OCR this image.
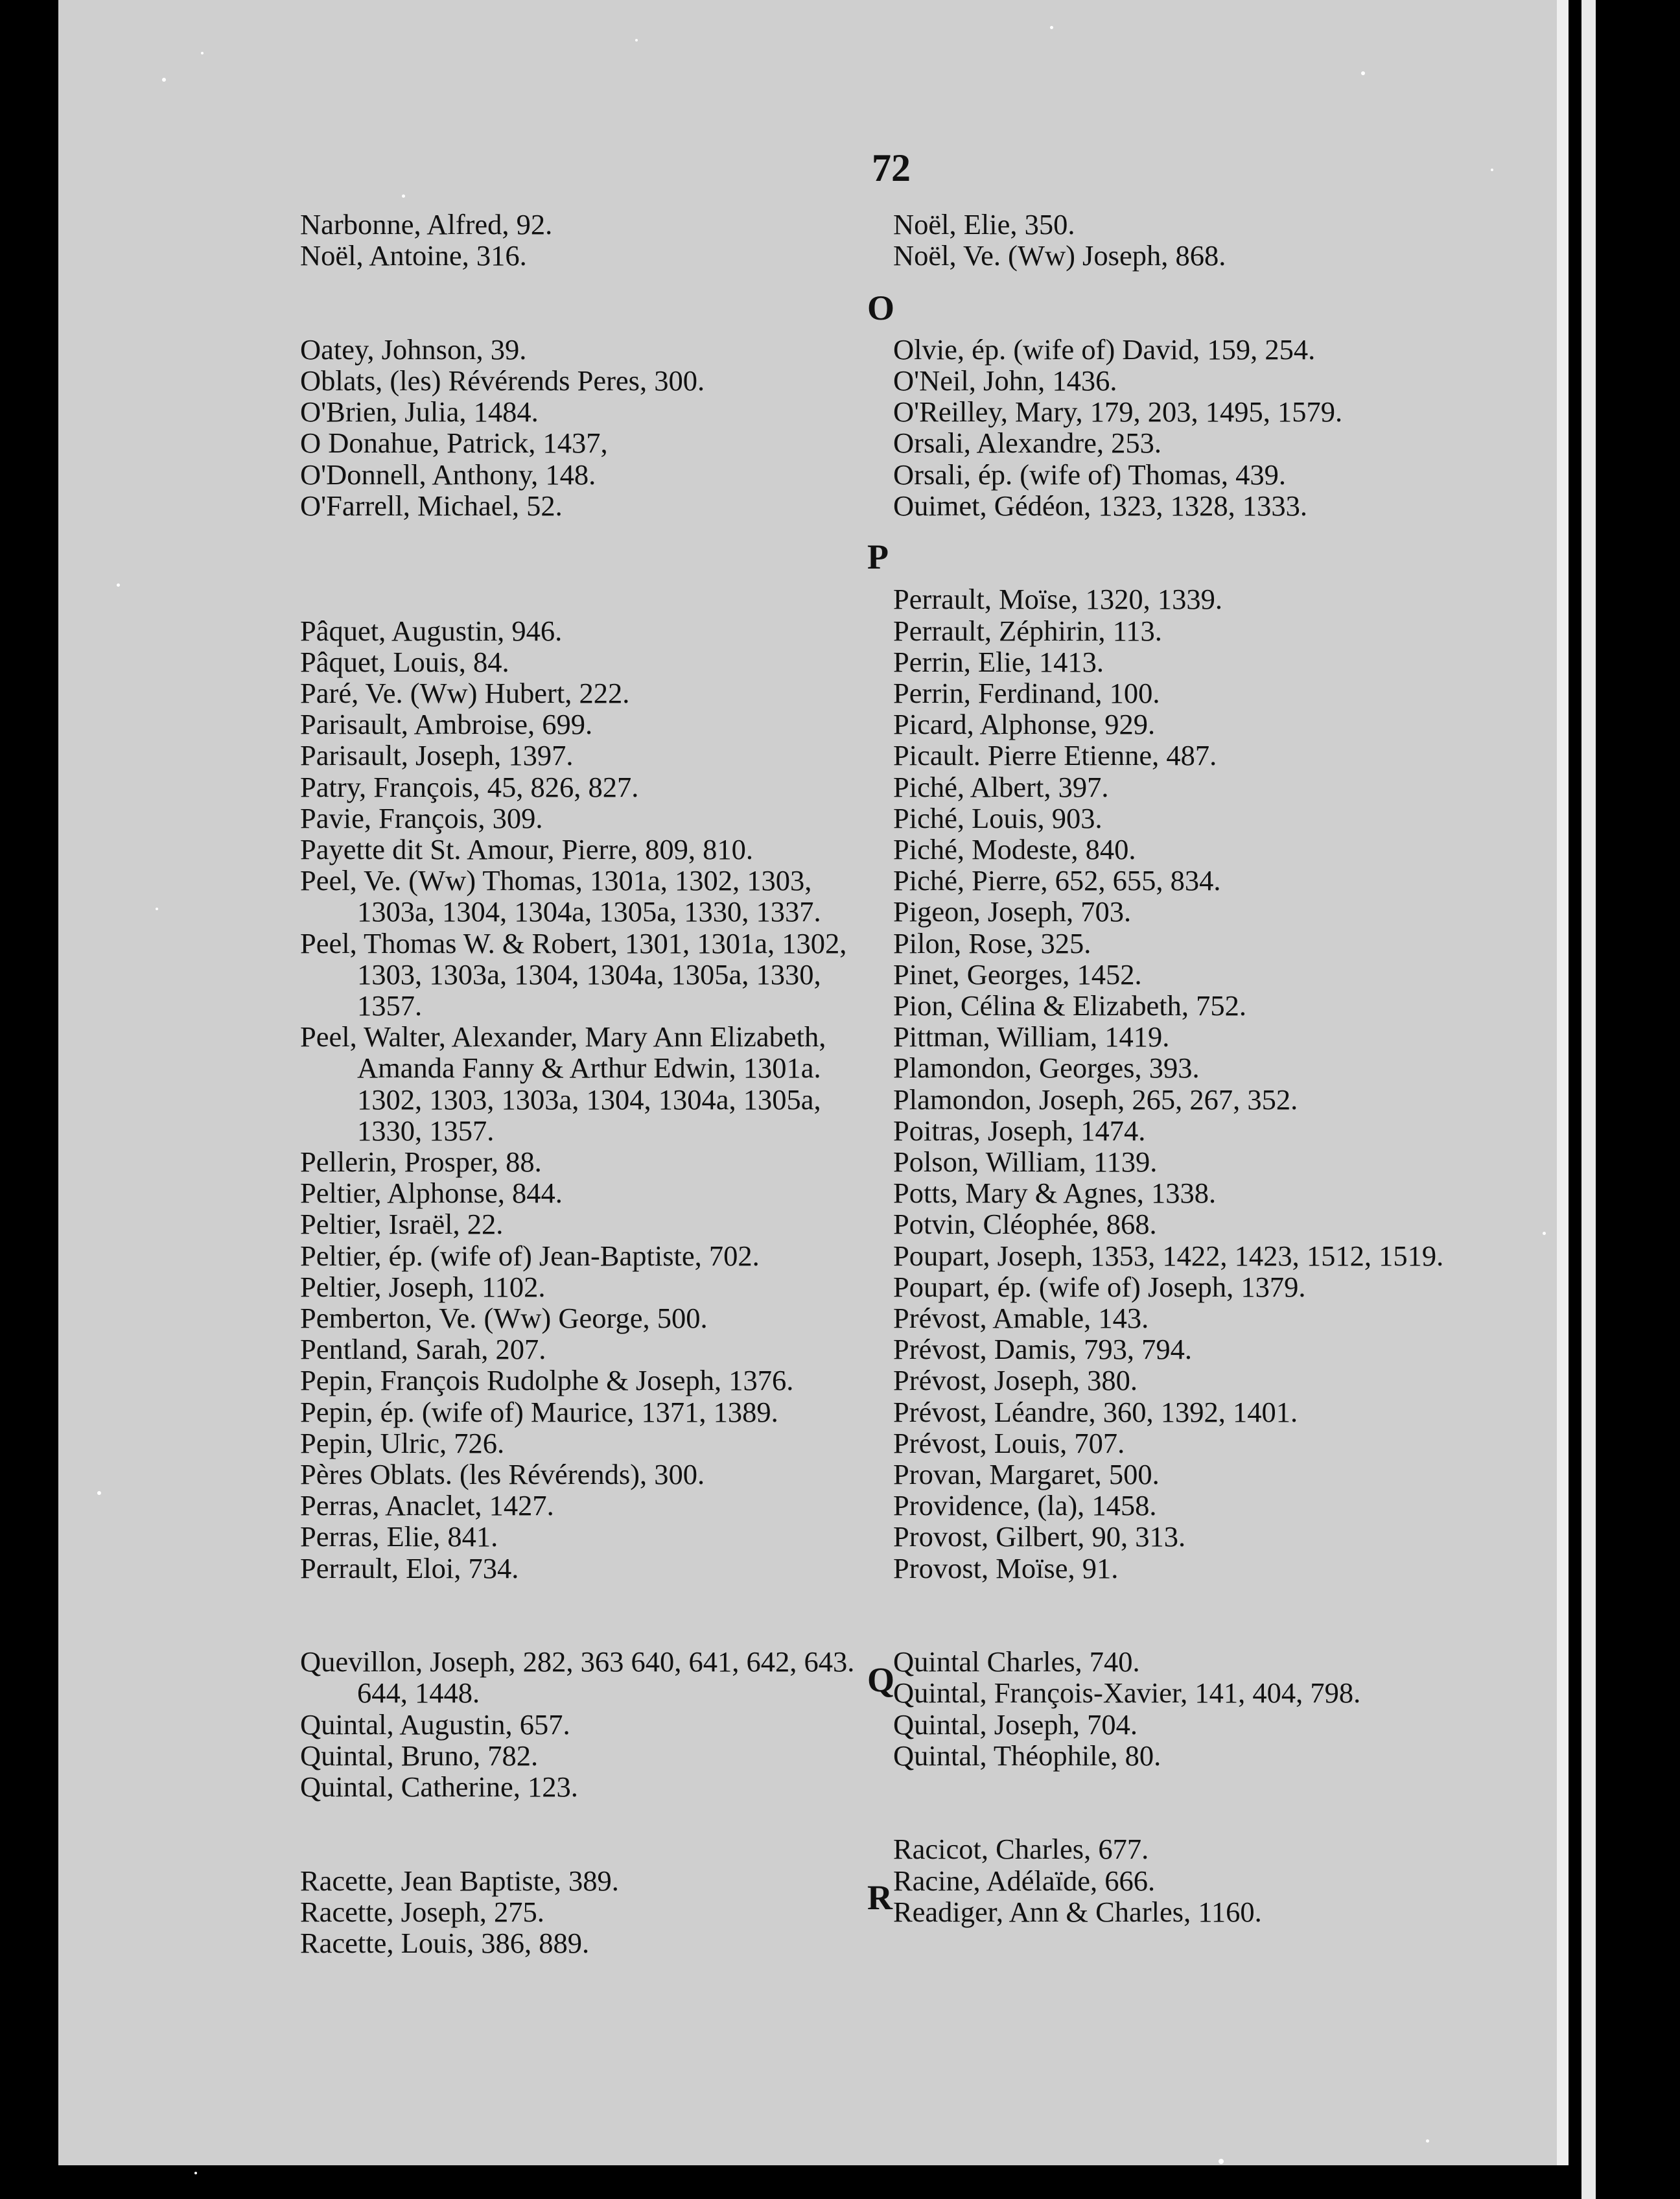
72
O
P
Q
R
Narbonne, Alfred, 92.
Noël, Antoine, 316.
Oatey, Johnson, 39.
Oblats, (les) Révérends Peres, 300.
O'Brien, Julia, 1484.
O Donahue, Patrick, 1437,
O'Donnell, Anthony, 148.
O'Farrell, Michael, 52.
Pâquet, Augustin, 946.
Pâquet, Louis, 84.
Paré, Ve. (Ww) Hubert, 222.
Parisault, Ambroise, 699.
Parisault, Joseph, 1397.
Patry, François, 45, 826, 827.
Pavie, François, 309.
Payette dit St. Amour, Pierre, 809, 810.
Peel, Ve. (Ww) Thomas, 1301a, 1302, 1303, 1303a, 1304, 1304a, 1305a, 1330, 1337.
Peel, Thomas W. & Robert, 1301, 1301a, 1302, 1303, 1303a, 1304, 1304a, 1305a, 1330, 1357.
Peel, Walter, Alexander, Mary Ann Elizabeth, Amanda Fanny & Arthur Edwin, 1301a. 1302, 1303, 1303a, 1304, 1304a, 1305a, 1330, 1357.
Pellerin, Prosper, 88.
Peltier, Alphonse, 844.
Peltier, Israël, 22.
Peltier, ép. (wife of) Jean-Baptiste, 702.
Peltier, Joseph, 1102.
Pemberton, Ve. (Ww) George, 500.
Pentland, Sarah, 207.
Pepin, François Rudolphe & Joseph, 1376.
Pepin, ép. (wife of) Maurice, 1371, 1389.
Pepin, Ulric, 726.
Pères Oblats. (les Révérends), 300.
Perras, Anaclet, 1427.
Perras, Elie, 841.
Perrault, Eloi, 734.
Quevillon, Joseph, 282, 363 640, 641, 642, 643. 644, 1448.
Quintal, Augustin, 657.
Quintal, Bruno, 782.
Quintal, Catherine, 123.
Racette, Jean Baptiste, 389.
Racette, Joseph, 275.
Racette, Louis, 386, 889.
Noël, Elie, 350.
Noël, Ve. (Ww) Joseph, 868.
Olvie, ép. (wife of) David, 159, 254.
O'Neil, John, 1436.
O'Reilley, Mary, 179, 203, 1495, 1579.
Orsali, Alexandre, 253.
Orsali, ép. (wife of) Thomas, 439.
Ouimet, Gédéon, 1323, 1328, 1333.
Perrault, Moïse, 1320, 1339.
Perrault, Zéphirin, 113.
Perrin, Elie, 1413.
Perrin, Ferdinand, 100.
Picard, Alphonse, 929.
Picault. Pierre Etienne, 487.
Piché, Albert, 397.
Piché, Louis, 903.
Piché, Modeste, 840.
Piché, Pierre, 652, 655, 834.
Pigeon, Joseph, 703.
Pilon, Rose, 325.
Pinet, Georges, 1452.
Pion, Célina & Elizabeth, 752.
Pittman, William, 1419.
Plamondon, Georges, 393.
Plamondon, Joseph, 265, 267, 352.
Poitras, Joseph, 1474.
Polson, William, 1139.
Potts, Mary & Agnes, 1338.
Potvin, Cléophée, 868.
Poupart, Joseph, 1353, 1422, 1423, 1512, 1519.
Poupart, ép. (wife of) Joseph, 1379.
Prévost, Amable, 143.
Prévost, Damis, 793, 794.
Prévost, Joseph, 380.
Prévost, Léandre, 360, 1392, 1401.
Prévost, Louis, 707.
Provan, Margaret, 500.
Providence, (la), 1458.
Provost, Gilbert, 90, 313.
Provost, Moïse, 91.
Quintal Charles, 740.
Quintal, François-Xavier, 141, 404, 798.
Quintal, Joseph, 704.
Quintal, Théophile, 80.
Racicot, Charles, 677.
Racine, Adélaïde, 666.
Readiger, Ann & Charles, 1160.
